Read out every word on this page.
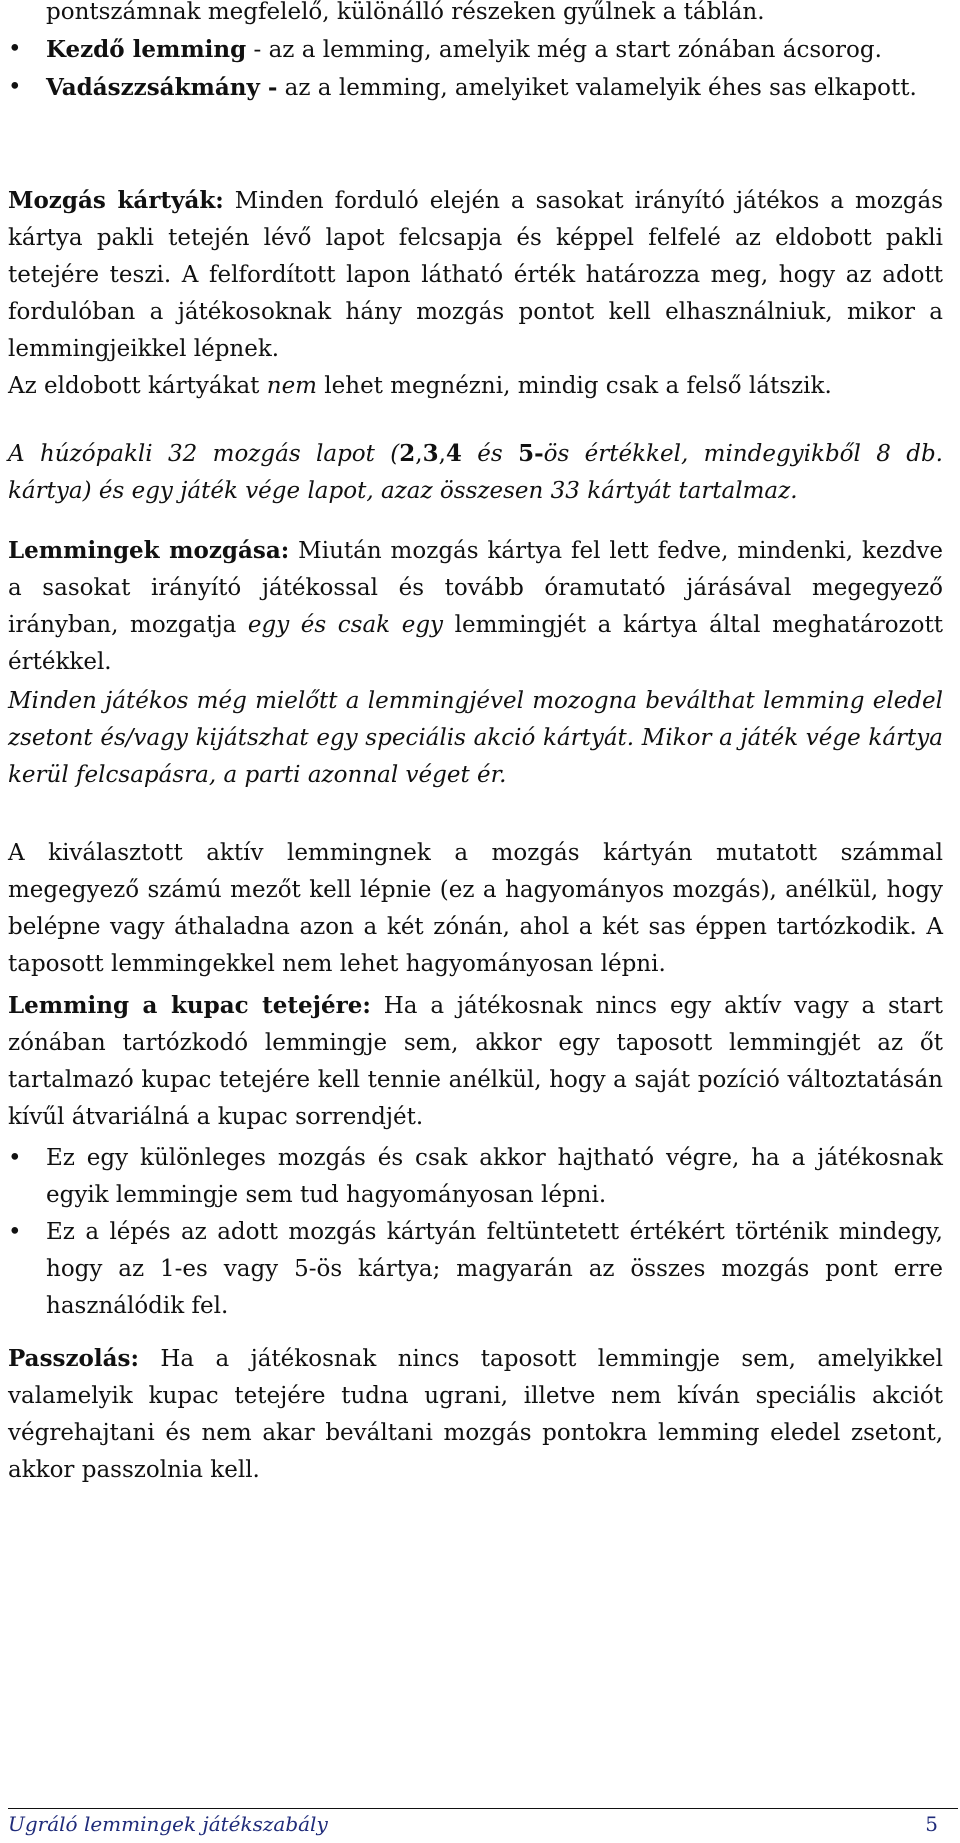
pontszámnak megfelelő, különálló részeken gyűlnek a táblán.
• Kezdő lemming - az a lemming, amelyik még a start zónában ácsorog.
• Vadászzsákmány - az a lemming, amelyiket valamelyik éhes sas elkapott.

Mozgás kártyák: Minden forduló elején a sasokat irányító játékos a mozgás kártya pakli tetején lévő lapot felcsapja és képpel felfelé az eldobott pakli tetejére teszi. A felfordított lapon látható érték határozza meg, hogy az adott fordulóban a játékosoknak hány mozgás pontot kell elhasználniuk, mikor a lemmingjeikkel lépnek.

Az eldobott kártyákat nem lehet megnézni, mindig csak a felső látszik.

A húzópakli 32 mozgás lapot (2,3,4 és 5-ös értékkel, mindegyikből 8 db. kártya) és egy játék vége lapot, azaz összesen 33 kártyát tartalmaz.

Lemmingek mozgása: Miután mozgás kártya fel lett fedve, mindenki, kezdve a sasokat irányító játékossal és tovább óramutató járásával megegyező irányban, mozgatja egy és csak egy lemmingjét a kártya által meghatározott értékkel.

Minden játékos még mielőtt a lemmingjével mozogna beválthat lemming eledel zsetont és/vagy kijátszhat egy speciális akció kártyát. Mikor a játék vége kártya kerül felcsapásra, a parti azonnal véget ér.

A kiválasztott aktív lemmingnek a mozgás kártyán mutatott számmal megegyező számú mezőt kell lépnie (ez a hagyományos mozgás), anélkül, hogy belépne vagy áthaladna azon a két zónán, ahol a két sas éppen tartózkodik. A taposott lemmingekkel nem lehet hagyományosan lépni.

Lemming a kupac tetejére: Ha a játékosnak nincs egy aktív vagy a start zónában tartózkodó lemmingje sem, akkor egy taposott lemmingjét az őt tartalmazó kupac tetejére kell tennie anélkül, hogy a saját pozíció változtatásán kívűl átvariálná a kupac sorrendjét.

• Ez egy különleges mozgás és csak akkor hajtható végre, ha a játékosnak egyik lemmingje sem tud hagyományosan lépni.
• Ez a lépés az adott mozgás kártyán feltüntetett értékért történik mindegy, hogy az 1-es vagy 5-ös kártya; magyarán az összes mozgás pont erre használódik fel.

Passzolás: Ha a játékosnak nincs taposott lemmingje sem, amelyikkel valamelyik kupac tetejére tudna ugrani, illetve nem kíván speciális akciót végrehajtani és nem akar beváltani mozgás pontokra lemming eledel zsetont, akkor passzolnia kell.

Ugráló lemmingek játékszabály	5
